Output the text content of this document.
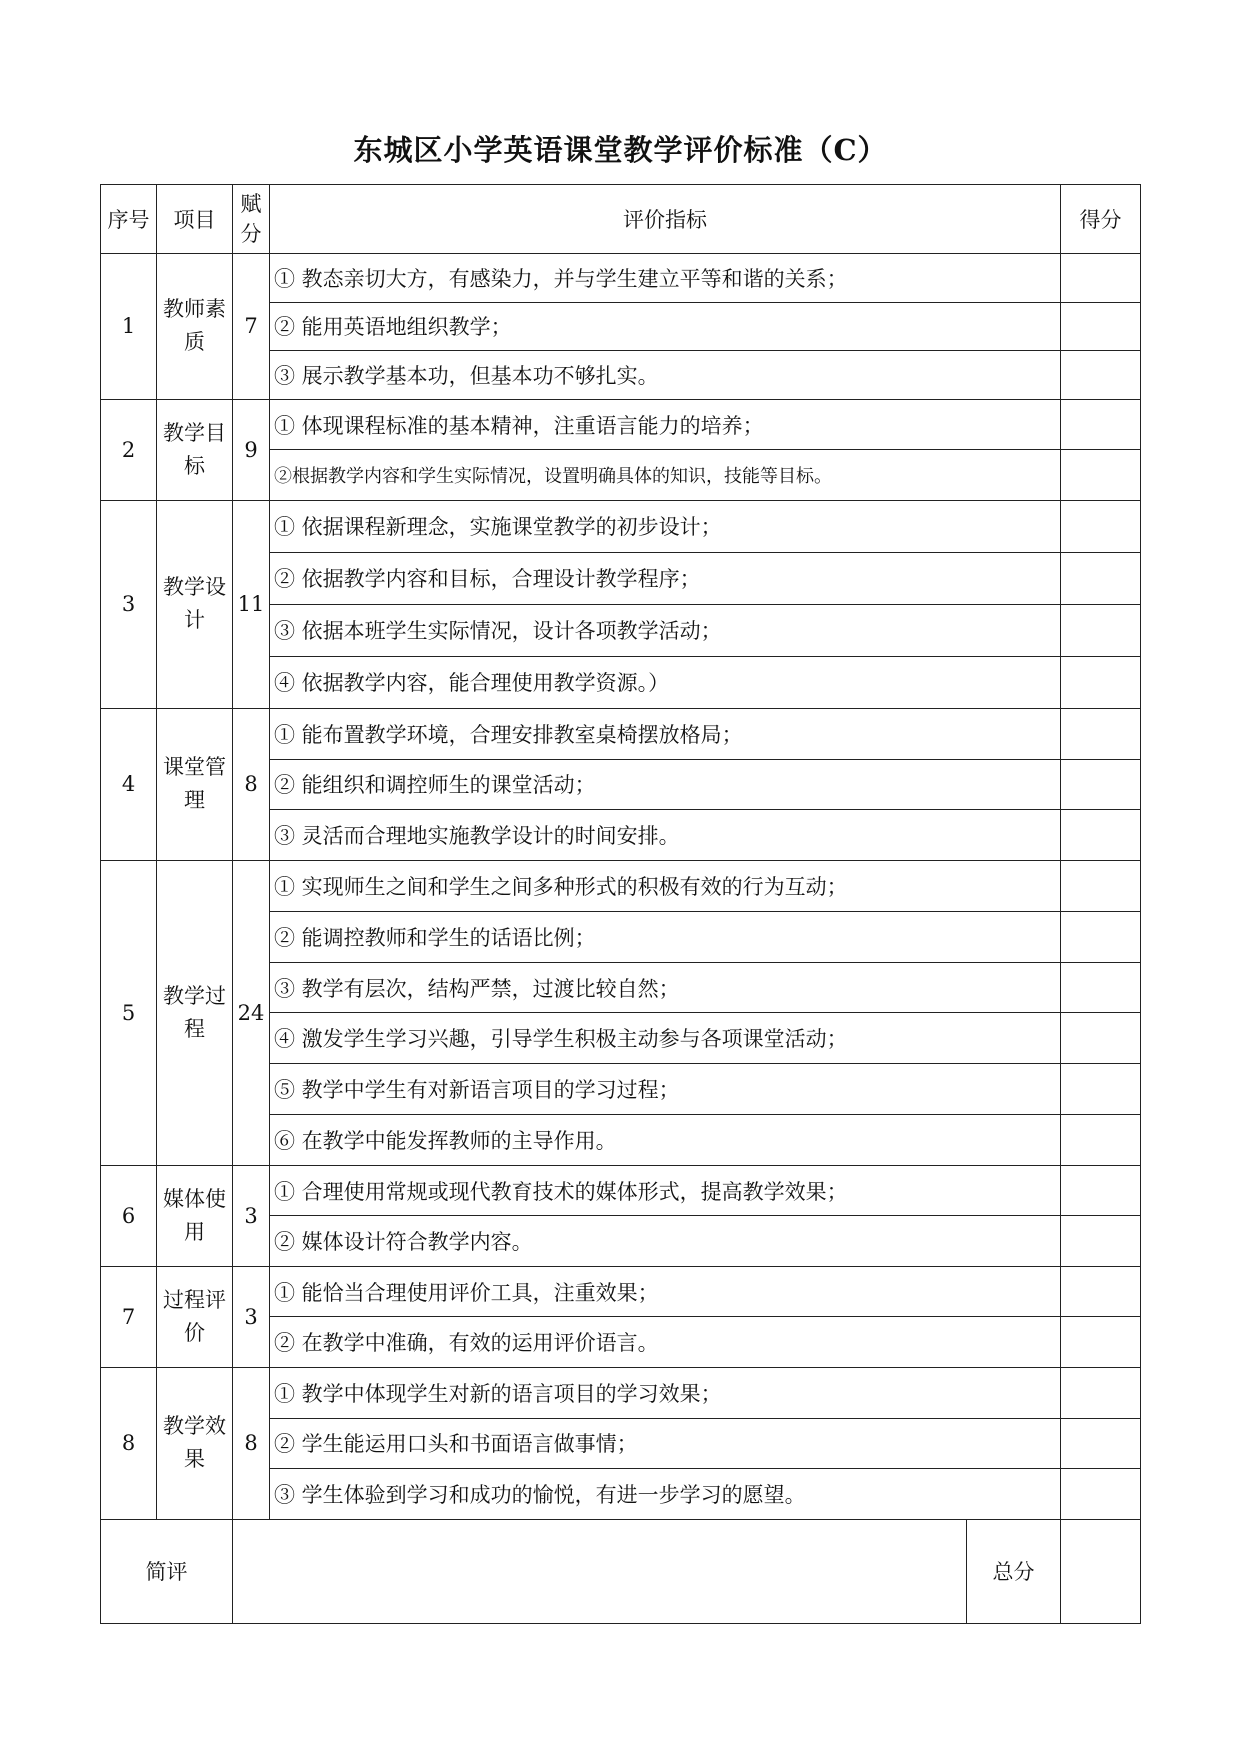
东城区小学英语课堂教学评价标准（C）
序号	项目	赋分	评价指标		得分
1	教师素质	7	① 教态亲切大方，有感染力，并与学生建立平等和谐的关系；		
			② 能用英语地组织教学；		
			③ 展示教学基本功，但基本功不够扎实。		
2	教学目标	9	① 体现课程标准的基本精神，注重语言能力的培养；		
			②根据教学内容和学生实际情况，设置明确具体的知识，技能等目标。		
3	教学设计	11	① 依据课程新理念，实施课堂教学的初步设计；		
			② 依据教学内容和目标，合理设计教学程序；		
			③ 依据本班学生实际情况，设计各项教学活动；		
			④ 依据教学内容，能合理使用教学资源。）		
4	课堂管理	8	① 能布置教学环境，合理安排教室桌椅摆放格局；		
			② 能组织和调控师生的课堂活动；		
			③ 灵活而合理地实施教学设计的时间安排。		
5	教学过程	24	① 实现师生之间和学生之间多种形式的积极有效的行为互动；		
			② 能调控教师和学生的话语比例；		
			③ 教学有层次，结构严禁，过渡比较自然；		
			④ 激发学生学习兴趣，引导学生积极主动参与各项课堂活动；		
			⑤ 教学中学生有对新语言项目的学习过程；		
			⑥ 在教学中能发挥教师的主导作用。		
6	媒体使用	3	① 合理使用常规或现代教育技术的媒体形式，提高教学效果；		
			② 媒体设计符合教学内容。		
7	过程评价	3	① 能恰当合理使用评价工具，注重效果；		
			② 在教学中准确，有效的运用评价语言。		
8	教学效果	8	① 教学中体现学生对新的语言项目的学习效果；		
			② 学生能运用口头和书面语言做事情；		
			③ 学生体验到学习和成功的愉悦，有进一步学习的愿望。		
简评				总分	
